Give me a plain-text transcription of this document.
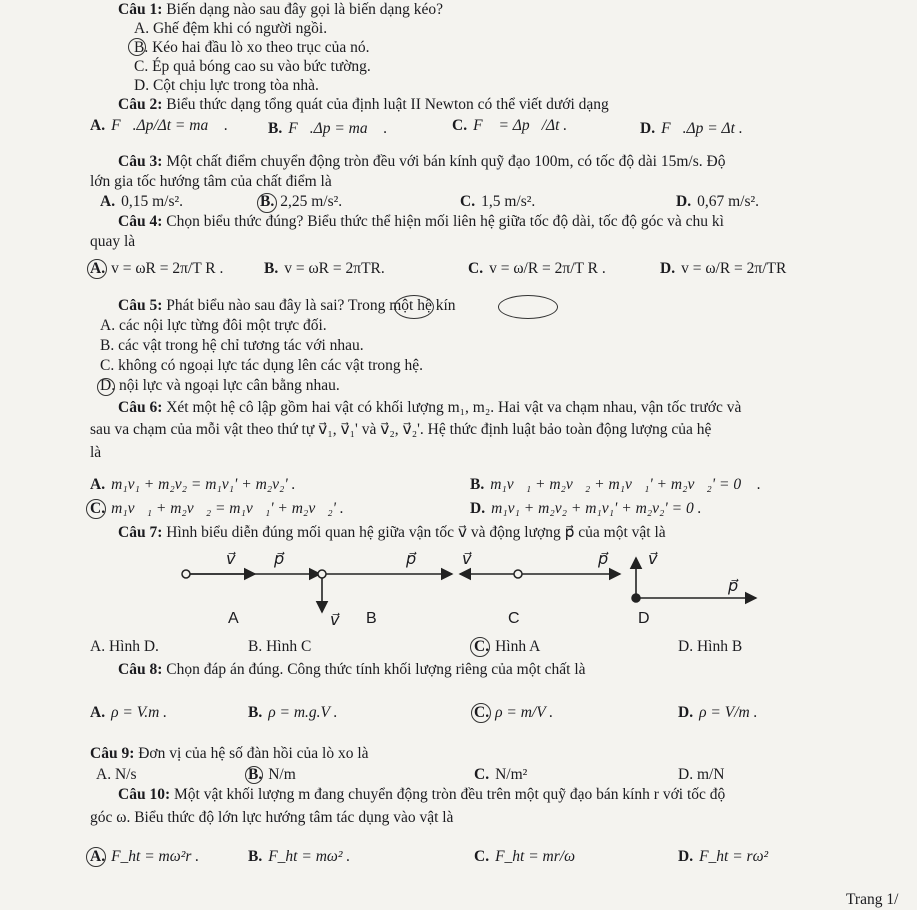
Câu 1: Biến dạng nào sau đây gọi là biến dạng kéo?
A. Ghế đệm khi có người ngồi.
B. Kéo hai đầu lò xo theo trục của nó.
C. Ép quả bóng cao su vào bức tường.
D. Cột chịu lực trong tòa nhà.
Câu 2: Biểu thức dạng tổng quát của định luật II Newton có thể viết dưới dạng
A. F⃗.Δp/Δt = ma⃗ .	B. F⃗.Δp = ma⃗ .	C. F⃗ = Δp⃗/Δt .	D. F⃗.Δp = Δt .
Câu 3: Một chất điểm chuyển động tròn đều với bán kính quỹ đạo 100m, có tốc độ dài 15m/s. Độ
lớn gia tốc hướng tâm của chất điểm là
A. 0,15 m/s².	B. 2,25 m/s².	C. 1,5 m/s².	D. 0,67 m/s².
Câu 4: Chọn biểu thức đúng? Biểu thức thể hiện mối liên hệ giữa tốc độ dài, tốc độ góc và chu kì
quay là
A. v = ωR = 2π/T R .	B. v = ωR = 2πTR.	C. v = ω/R = 2π/T R .	D. v = ω/R = 2π/TR
Câu 5: Phát biểu nào sau đây là sai? Trong một hệ kín
A. các nội lực từng đôi một trực đối.
B. các vật trong hệ chỉ tương tác với nhau.
C. không có ngoại lực tác dụng lên các vật trong hệ.
D. nội lực và ngoại lực cân bằng nhau.
Câu 6: Xét một hệ cô lập gồm hai vật có khối lượng m₁, m₂. Hai vật va chạm nhau, vận tốc trước và
sau va chạm của mỗi vật theo thứ tự v⃗₁, v⃗₁' và v⃗₂, v⃗₂'. Hệ thức định luật bảo toàn động lượng của hệ
là
A. m₁v₁ + m₂v₂ = m₁v₁' + m₂v₂' .	B. m₁v⃗₁ + m₂v⃗₂ + m₁v⃗₁' + m₂v⃗₂' = 0⃗ .
C. m₁v⃗₁ + m₂v⃗₂ = m₁v⃗₁' + m₂v⃗₂' .	D. m₁v₁ + m₂v₂ + m₁v₁' + m₂v₂' = 0 .
Câu 7: Hình biểu diễn đúng mối quan hệ giữa vận tốc v⃗ và động lượng p⃗ của một vật là
v⃗ p⃗
A
p⃗
v⃗ B
v⃗	p⃗
C
v⃗
p⃗
D
A. Hình D.	B. Hình C	C. Hình A	D. Hình B
Câu 8: Chọn đáp án đúng. Công thức tính khối lượng riêng của một chất là
A. ρ = V.m .	B. ρ = m.g.V .	C. ρ = m/V .	D. ρ = V/m .
Câu 9: Đơn vị của hệ số đàn hồi của lò xo là
A. N/s	B. N/m	C. N/m²	D. m/N
Câu 10: Một vật khối lượng m đang chuyển động tròn đều trên một quỹ đạo bán kính r với tốc độ
góc ω. Biểu thức độ lớn lực hướng tâm tác dụng vào vật là
A. F_ht = mω²r .	B. F_ht = mω² .	C. F_ht = mr/ω	D. F_ht = rω²
Trang 1/
